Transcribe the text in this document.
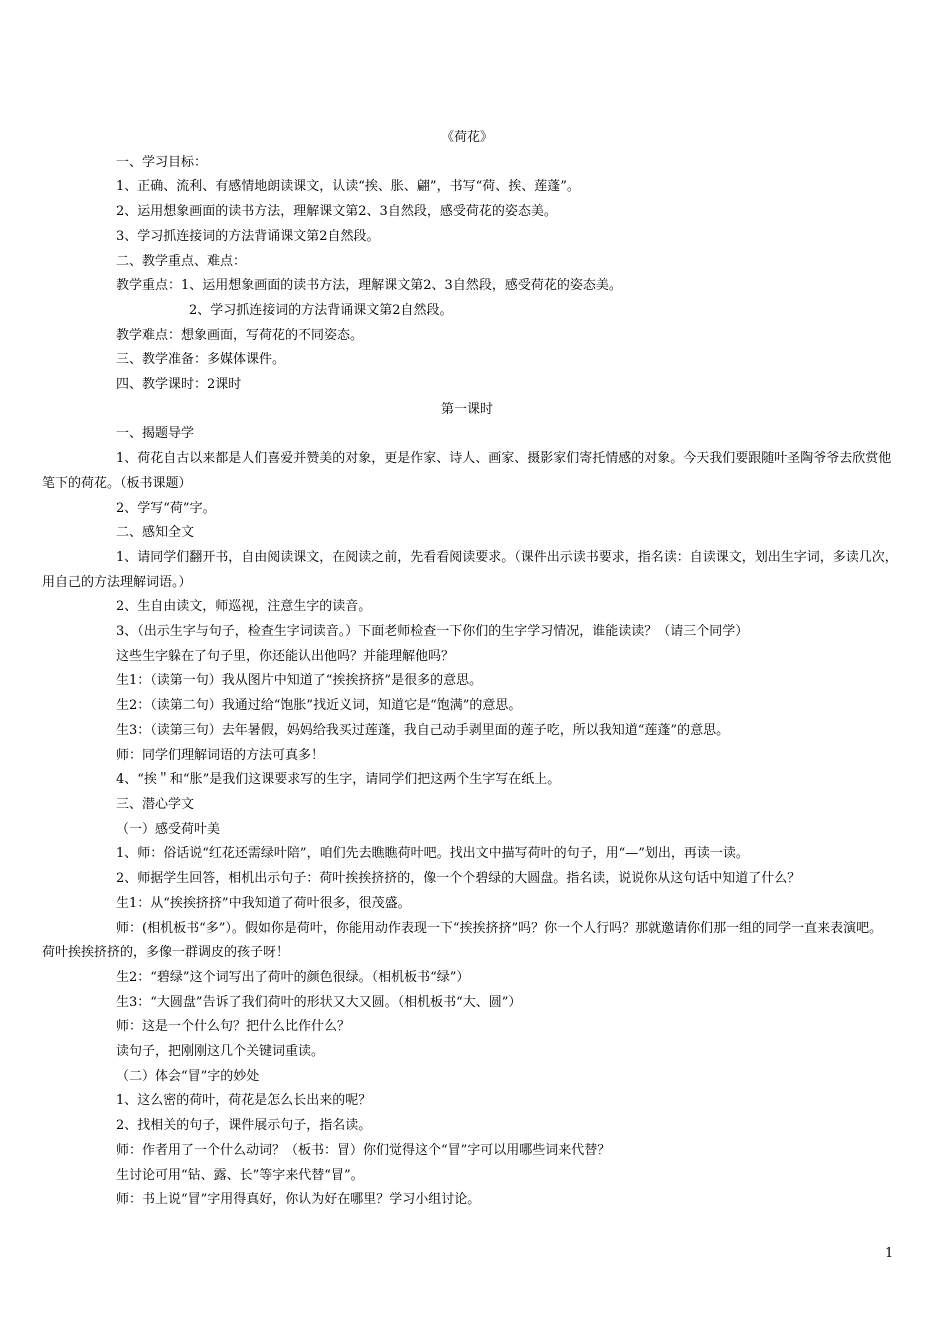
《荷花》
一、学习目标：
1、正确、流利、有感情地朗读课文，认读“挨、胀、翩”，书写“荷、挨、莲蓬”。
2、运用想象画面的读书方法，理解课文第2、3自然段，感受荷花的姿态美。
3、学习抓连接词的方法背诵课文第2自然段。
二、教学重点、难点：
教学重点：1、运用想象画面的读书方法，理解课文第2、3自然段，感受荷花的姿态美。
2、学习抓连接词的方法背诵课文第2自然段。
教学难点：想象画面，写荷花的不同姿态。
三、教学准备：多媒体课件。
四、教学课时：2课时
第一课时
一、揭题导学
1、荷花自古以来都是人们喜爱并赞美的对象，更是作家、诗人、画家、摄影家们寄托情感的对象。今天我们要跟随叶圣陶爷爷去欣赏他笔下的荷花。（板书课题）
2、学写“荷”字。
二、感知全文
1、请同学们翻开书，自由阅读课文，在阅读之前，先看看阅读要求。（课件出示读书要求，指名读：自读课文，划出生字词，多读几次，用自己的方法理解词语。）
2、生自由读文，师巡视，注意生字的读音。
3、（出示生字与句子，检查生字词读音。）下面老师检查一下你们的生字学习情况，谁能读读？（请三个同学）
这些生字躲在了句子里，你还能认出他吗？并能理解他吗？
生1：（读第一句）我从图片中知道了“挨挨挤挤”是很多的意思。
生2：（读第二句）我通过给“饱胀”找近义词，知道它是“饱满”的意思。
生3：（读第三句）去年暑假，妈妈给我买过莲蓬，我自己动手剥里面的莲子吃，所以我知道“莲蓬”的意思。
师：同学们理解词语的方法可真多！
4、“挨＂和“胀”是我们这课要求写的生字，请同学们把这两个生字写在纸上。
三、潜心学文
（一）感受荷叶美
1、师：俗话说“红花还需绿叶陪”，咱们先去瞧瞧荷叶吧。找出文中描写荷叶的句子，用“—”划出，再读一读。
2、师据学生回答，相机出示句子：荷叶挨挨挤挤的，像一个个碧绿的大圆盘。指名读，说说你从这句话中知道了什么？
生1：从“挨挨挤挤”中我知道了荷叶很多，很茂盛。
师：(相机板书“多”）。假如你是荷叶，你能用动作表现一下“挨挨挤挤”吗？你一个人行吗？那就邀请你们那一组的同学一直来表演吧。 荷叶挨挨挤挤的，多像一群调皮的孩子呀！
生2：“碧绿”这个词写出了荷叶的颜色很绿。（相机板书“绿”）
生3：“大圆盘”告诉了我们荷叶的形状又大又圆。（相机板书“大、圆”）
师：这是一个什么句？把什么比作什么？
读句子，把刚刚这几个关键词重读。
（二）体会“冒”字的妙处
1、这么密的荷叶，荷花是怎么长出来的呢？
2、找相关的句子，课件展示句子，指名读。
师：作者用了一个什么动词？（板书：冒）你们觉得这个“冒”字可以用哪些词来代替？
生讨论可用“钻、露、长”等字来代替“冒”。
师：书上说“冒”字用得真好，你认为好在哪里？学习小组讨论。
1
